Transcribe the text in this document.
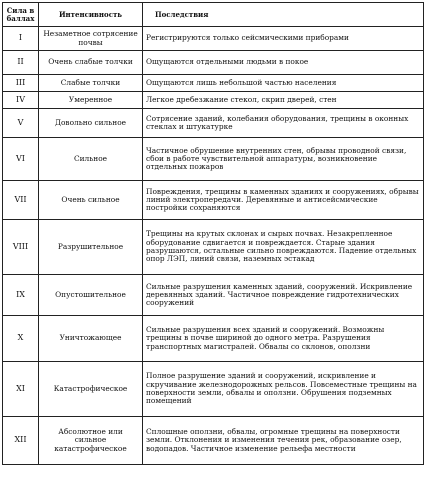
Сила в баллах	Интенсивность	Последствия
I	Незаметное сотрясение почвы	Регистрируются только сейсмическими приборами
II	Очень слабые толчки	Ощущаются отдельными людьми в покое
III	Слабые толчки	Ощущаются лишь небольшой частью населения
IV	Умеренное	Легкое дребезжание стекол, скрип дверей, стен
V	Довольно сильное	Сотрясение зданий, колебания оборудования, трещины в оконных стеклах и штукатурке
VI	Сильное	Частичное обрушение внутренних стен, обрывы проводной связи, сбои в работе чувствительной аппаратуры, возникновение отдельных пожаров
VII	Очень сильное	Повреждения, трещины в каменных зданиях и сооружениях, обрывы линий электропередачи. Деревянные и антисейсмические постройки сохраняются
VIII	Разрушительное	Трещины на крутых склонах и сырых почвах. Незакрепленное оборудование сдвигается и повреждается. Старые здания разрушаются, остальные сильно повреждаются. Падение отдельных опор ЛЭП, линий связи, наземных эстакад
IX	Опустошительное	Сильные разрушения каменных зданий, сооружений. Искривление деревянных зданий. Частичное повреждение гидротехнических сооружений
X	Уничтожающее	Сильные разрушения всех зданий и сооружений. Возможны трещины в почве шириной до одного метра. Разрушения транспортных магистралей. Обвалы со склонов, оползни
XI	Катастрофическое	Полное разрушение зданий и сооружений, искривление и скручивание железнодорожных рельсов. Повсеместные трещины на поверхности земли, обвалы и оползни. Обрушения подземных помещений
XII	Абсолютное или сильное катастрофическое	Сплошные оползни, обвалы, огромные трещины на поверхности земли. Отклонения и изменения течения рек, образование озер, водопадов. Частичное изменение рельефа местности
